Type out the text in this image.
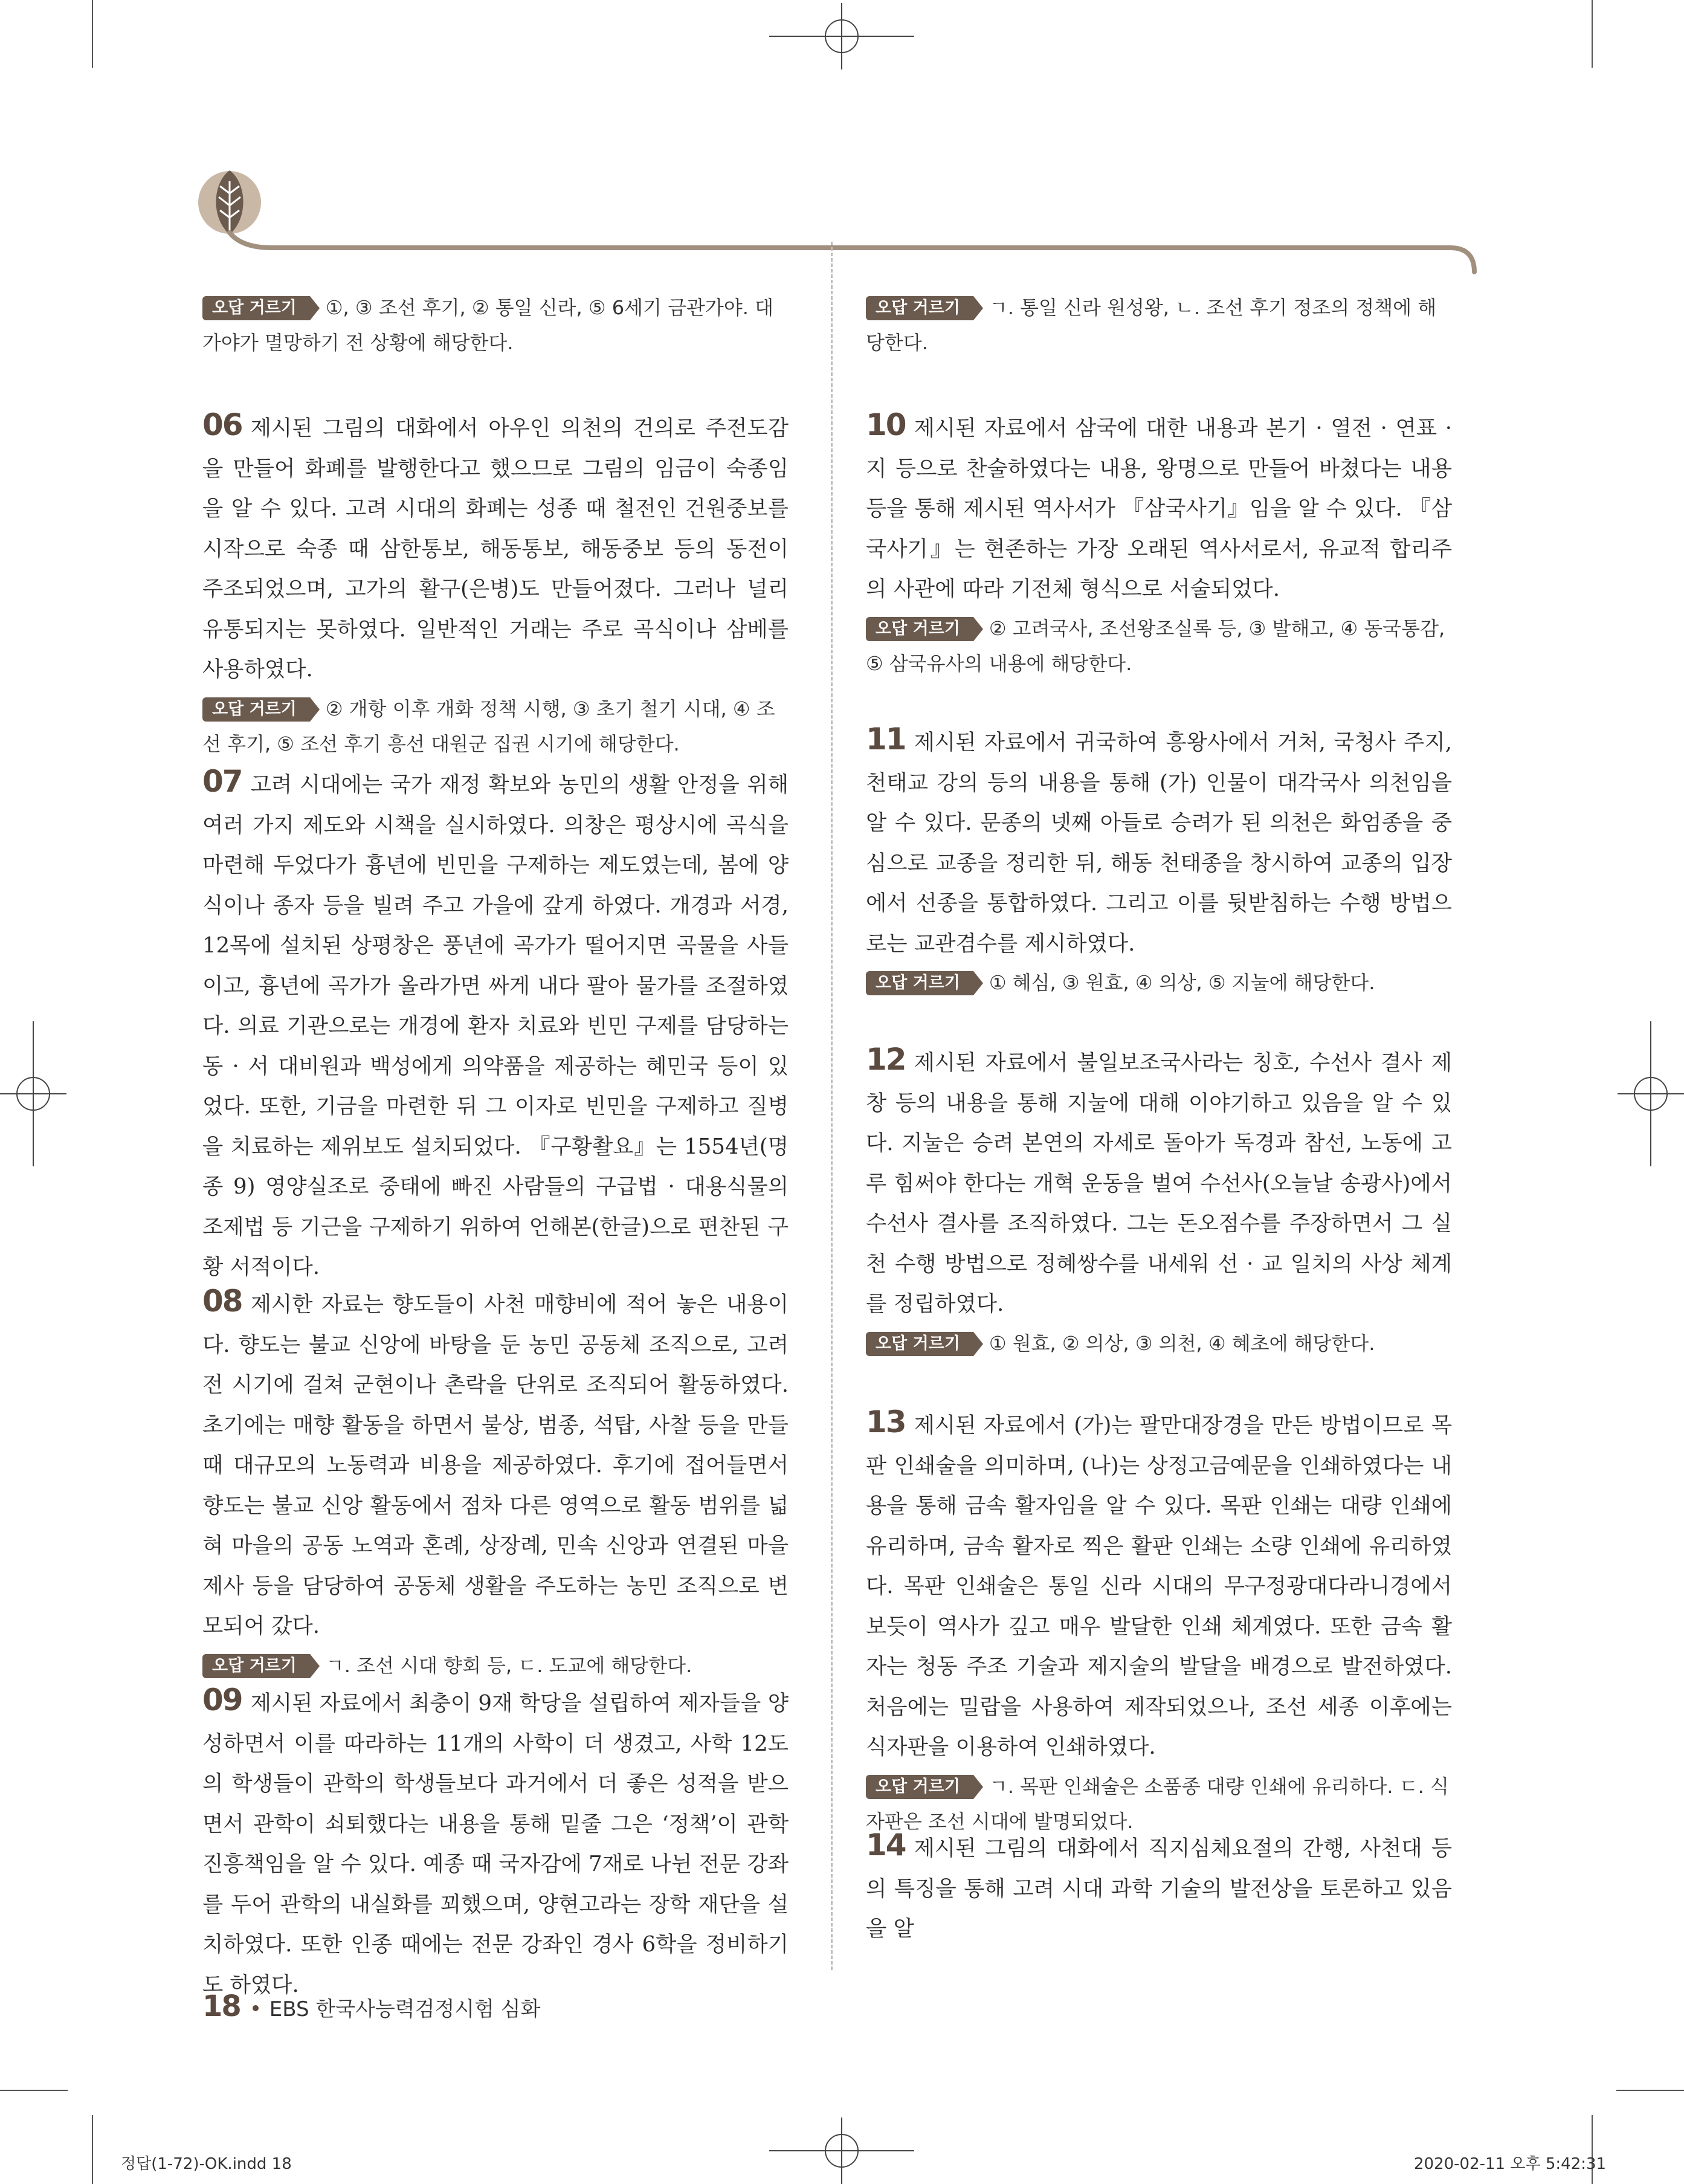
오답 거르기 ①, ③ 조선 후기, ② 통일 신라, ⑤ 6세기 금관가야. 대가야가 멸망하기 전 상황에 해당한다.

06 제시된 그림의 대화에서 아우인 의천의 건의로 주전도감을 만들어 화폐를 발행한다고 했으므로 그림의 임금이 숙종임을 알 수 있다. 고려 시대의 화폐는 성종 때 철전인 건원중보를 시작으로 숙종 때 삼한통보, 해동통보, 해동중보 등의 동전이 주조되었으며, 고가의 활구(은병)도 만들어졌다. 그러나 널리 유통되지는 못하였다. 일반적인 거래는 주로 곡식이나 삼베를 사용하였다.

오답 거르기 ② 개항 이후 개화 정책 시행, ③ 초기 철기 시대, ④ 조선 후기, ⑤ 조선 후기 흥선 대원군 집권 시기에 해당한다.

07 고려 시대에는 국가 재정 확보와 농민의 생활 안정을 위해 여러 가지 제도와 시책을 실시하였다. 의창은 평상시에 곡식을 마련해 두었다가 흉년에 빈민을 구제하는 제도였는데, 봄에 양식이나 종자 등을 빌려 주고 가을에 갚게 하였다. 개경과 서경, 12목에 설치된 상평창은 풍년에 곡가가 떨어지면 곡물을 사들이고, 흉년에 곡가가 올라가면 싸게 내다 팔아 물가를 조절하였다. 의료 기관으로는 개경에 환자 치료와 빈민 구제를 담당하는 동 · 서 대비원과 백성에게 의약품을 제공하는 혜민국 등이 있었다. 또한, 기금을 마련한 뒤 그 이자로 빈민을 구제하고 질병을 치료하는 제위보도 설치되었다. 『구황촬요』는 1554년(명종 9) 영양실조로 중태에 빠진 사람들의 구급법 · 대용식물의 조제법 등 기근을 구제하기 위하여 언해본(한글)으로 편찬된 구황 서적이다.

08 제시한 자료는 향도들이 사천 매향비에 적어 놓은 내용이다. 향도는 불교 신앙에 바탕을 둔 농민 공동체 조직으로, 고려 전 시기에 걸쳐 군현이나 촌락을 단위로 조직되어 활동하였다. 초기에는 매향 활동을 하면서 불상, 범종, 석탑, 사찰 등을 만들 때 대규모의 노동력과 비용을 제공하였다. 후기에 접어들면서 향도는 불교 신앙 활동에서 점차 다른 영역으로 활동 범위를 넓혀 마을의 공동 노역과 혼례, 상장례, 민속 신앙과 연결된 마을 제사 등을 담당하여 공동체 생활을 주도하는 농민 조직으로 변모되어 갔다.

오답 거르기 ㄱ. 조선 시대 향회 등, ㄷ. 도교에 해당한다.

09 제시된 자료에서 최충이 9재 학당을 설립하여 제자들을 양성하면서 이를 따라하는 11개의 사학이 더 생겼고, 사학 12도의 학생들이 관학의 학생들보다 과거에서 더 좋은 성적을 받으면서 관학이 쇠퇴했다는 내용을 통해 밑줄 그은 ‘정책’이 관학 진흥책임을 알 수 있다. 예종 때 국자감에 7재로 나뉜 전문 강좌를 두어 관학의 내실화를 꾀했으며, 양현고라는 장학 재단을 설치하였다. 또한 인종 때에는 전문 강좌인 경사 6학을 정비하기도 하였다.

오답 거르기 ㄱ. 통일 신라 원성왕, ㄴ. 조선 후기 정조의 정책에 해당한다.

10 제시된 자료에서 삼국에 대한 내용과 본기 · 열전 · 연표 · 지 등으로 찬술하였다는 내용, 왕명으로 만들어 바쳤다는 내용 등을 통해 제시된 역사서가 『삼국사기』임을 알 수 있다. 『삼국사기』는 현존하는 가장 오래된 역사서로서, 유교적 합리주의 사관에 따라 기전체 형식으로 서술되었다.

오답 거르기 ② 고려국사, 조선왕조실록 등, ③ 발해고, ④ 동국통감, ⑤ 삼국유사의 내용에 해당한다.

11 제시된 자료에서 귀국하여 흥왕사에서 거처, 국청사 주지, 천태교 강의 등의 내용을 통해 (가) 인물이 대각국사 의천임을 알 수 있다. 문종의 넷째 아들로 승려가 된 의천은 화엄종을 중심으로 교종을 정리한 뒤, 해동 천태종을 창시하여 교종의 입장에서 선종을 통합하였다. 그리고 이를 뒷받침하는 수행 방법으로는 교관겸수를 제시하였다.

오답 거르기 ① 혜심, ③ 원효, ④ 의상, ⑤ 지눌에 해당한다.

12 제시된 자료에서 불일보조국사라는 칭호, 수선사 결사 제창 등의 내용을 통해 지눌에 대해 이야기하고 있음을 알 수 있다. 지눌은 승려 본연의 자세로 돌아가 독경과 참선, 노동에 고루 힘써야 한다는 개혁 운동을 벌여 수선사(오늘날 송광사)에서 수선사 결사를 조직하였다. 그는 돈오점수를 주장하면서 그 실천 수행 방법으로 정혜쌍수를 내세워 선 · 교 일치의 사상 체계를 정립하였다.

오답 거르기 ① 원효, ② 의상, ③ 의천, ④ 혜초에 해당한다.

13 제시된 자료에서 (가)는 팔만대장경을 만든 방법이므로 목판 인쇄술을 의미하며, (나)는 상정고금예문을 인쇄하였다는 내용을 통해 금속 활자임을 알 수 있다. 목판 인쇄는 대량 인쇄에 유리하며, 금속 활자로 찍은 활판 인쇄는 소량 인쇄에 유리하였다. 목판 인쇄술은 통일 신라 시대의 무구정광대다라니경에서 보듯이 역사가 깊고 매우 발달한 인쇄 체계였다. 또한 금속 활자는 청동 주조 기술과 제지술의 발달을 배경으로 발전하였다. 처음에는 밀랍을 사용하여 제작되었으나, 조선 세종 이후에는 식자판을 이용하여 인쇄하였다.

오답 거르기 ㄱ. 목판 인쇄술은 소품종 대량 인쇄에 유리하다. ㄷ. 식자판은 조선 시대에 발명되었다.

14 제시된 그림의 대화에서 직지심체요절의 간행, 사천대 등의 특징을 통해 고려 시대 과학 기술의 발전상을 토론하고 있음을 알

18 EBS 한국사능력검정시험 심화
정답(1-72)-OK.indd 18	2020-02-11 오후 5:42:31
